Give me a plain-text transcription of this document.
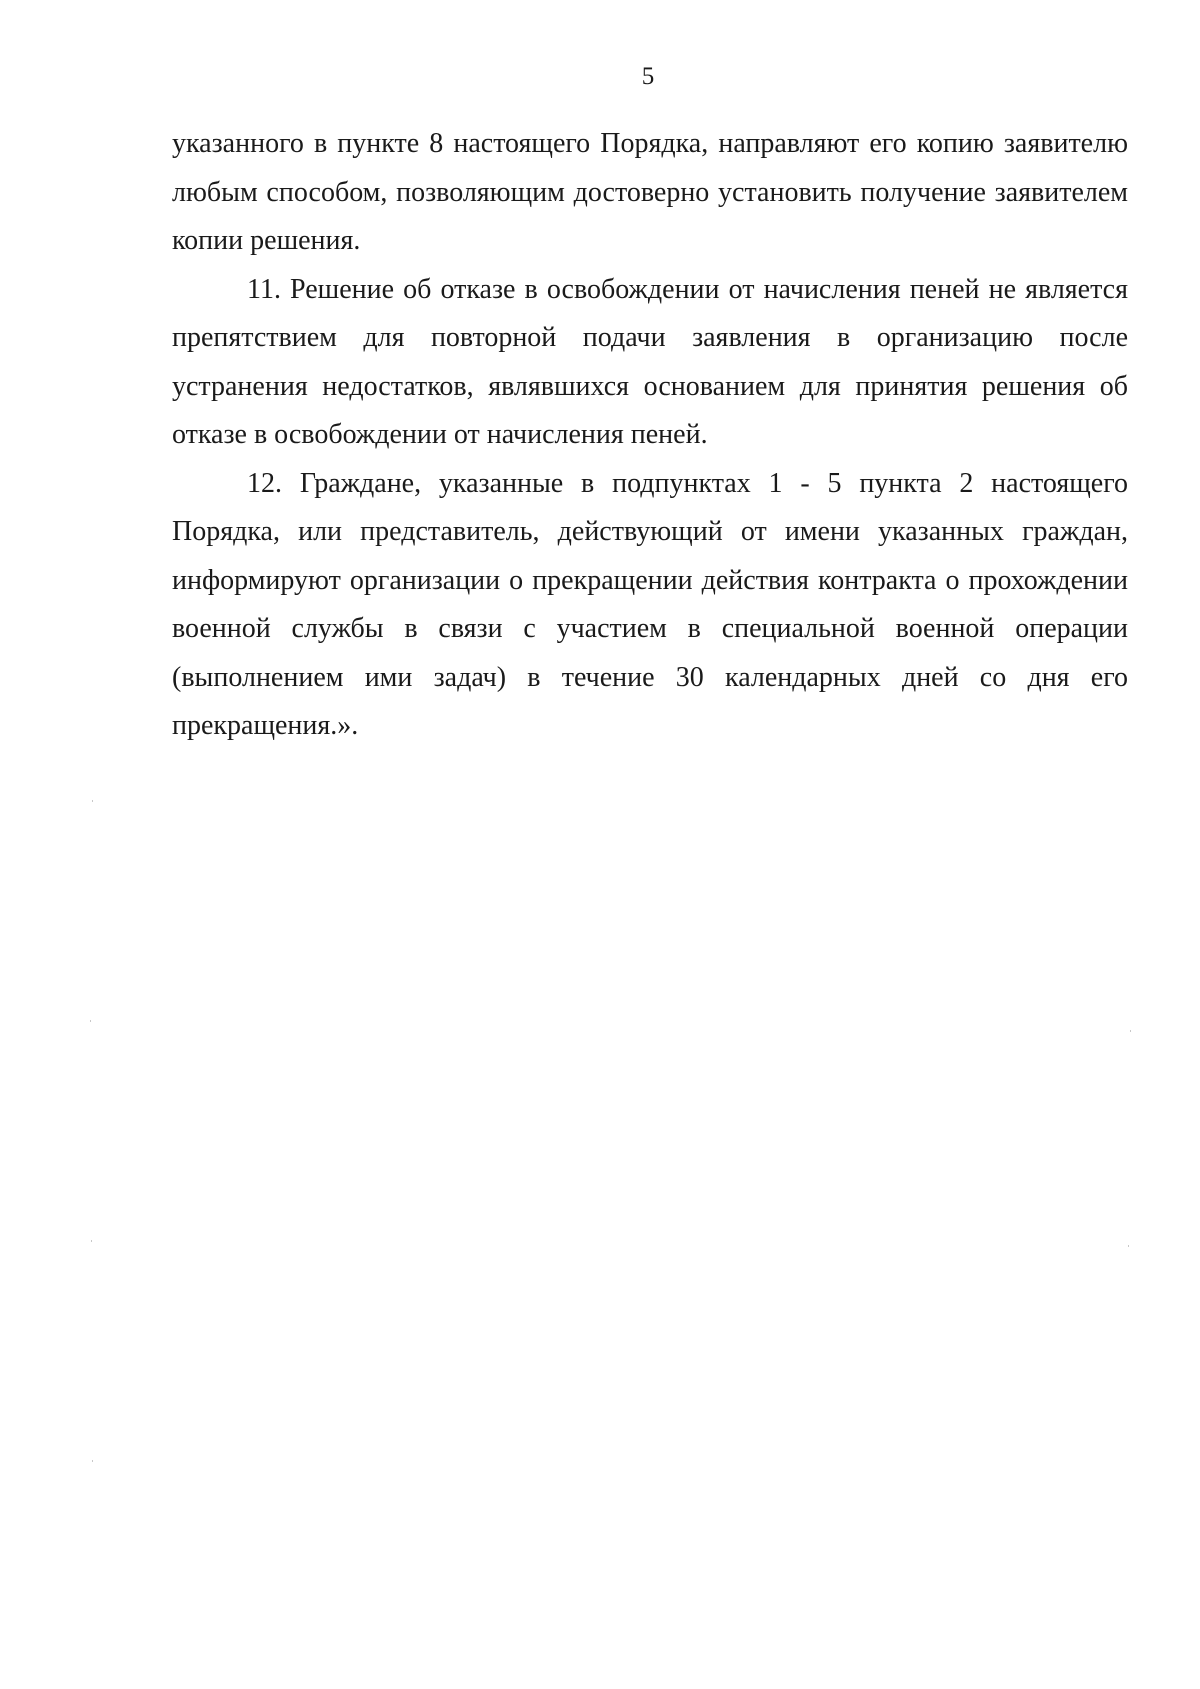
5

указанного в пункте 8 настоящего Порядка, направляют его копию заявителю любым способом, позволяющим достоверно установить получение заявителем копии решения.

11. Решение об отказе в освобождении от начисления пеней не является препятствием для повторной подачи заявления в организацию после устранения недостатков, являвшихся основанием для принятия решения об отказе в освобождении от начисления пеней.

12. Граждане, указанные в подпунктах 1 - 5 пункта 2 настоящего Порядка, или представитель, действующий от имени указанных граждан, информируют организации о прекращении действия контракта о прохождении военной службы в связи с участием в специальной военной операции (выполнением ими задач) в течение 30 календарных дней со дня его прекращения.».
